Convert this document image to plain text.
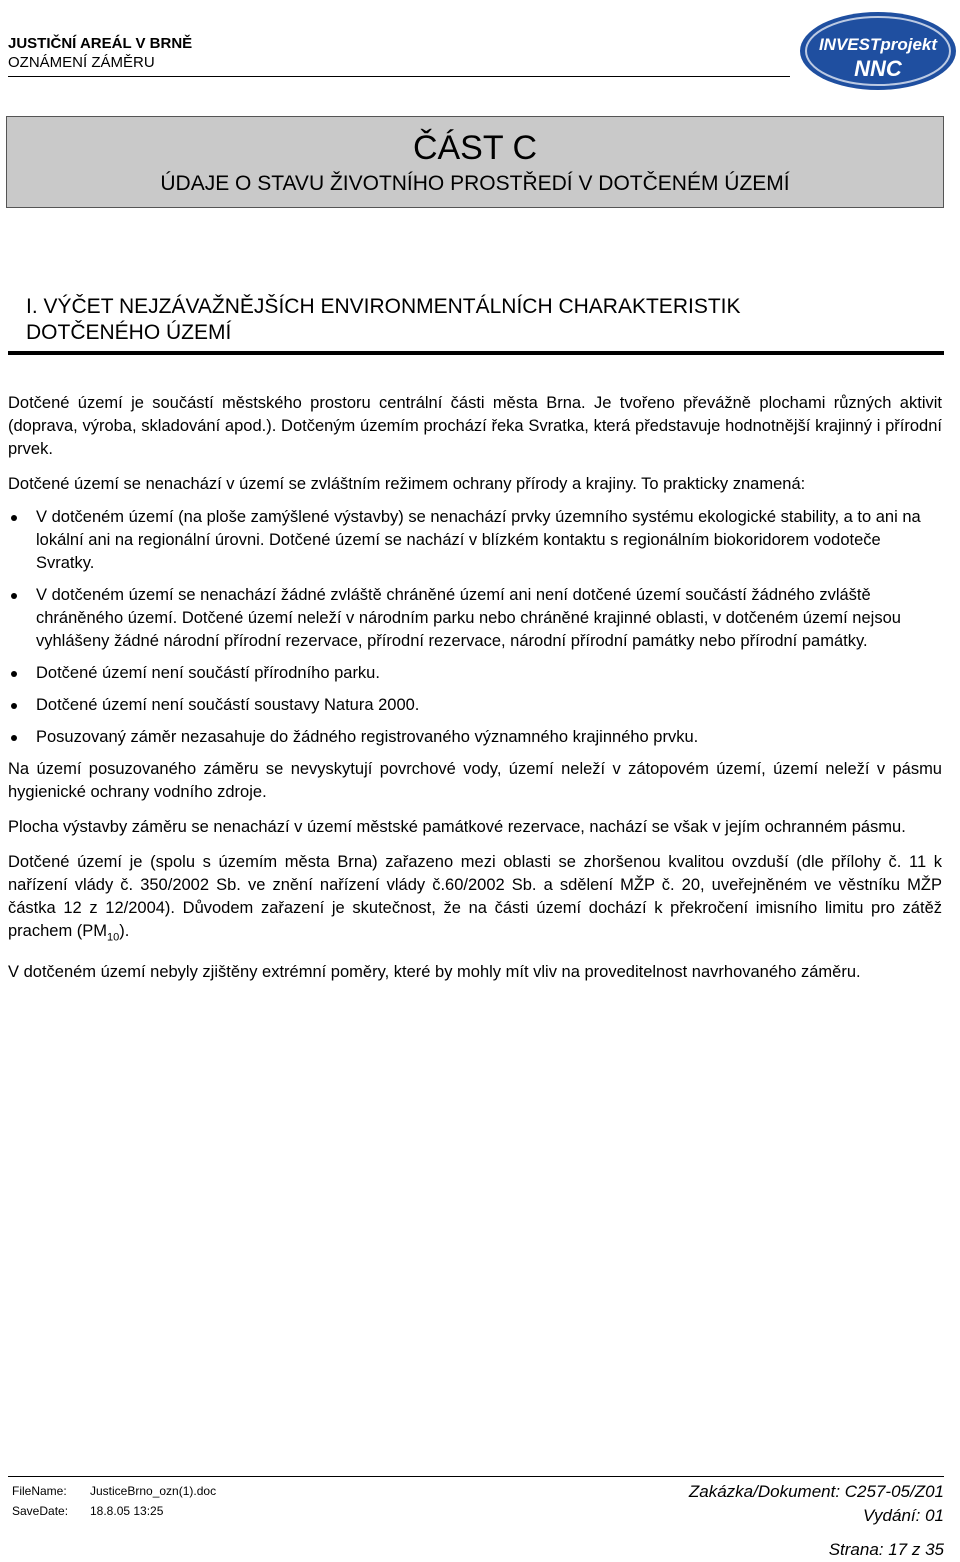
JUSTIČNÍ AREÁL V BRNĚ
OZNÁMENÍ ZÁMĚRU
INVESTprojekt
NNC
ČÁST C
ÚDAJE O STAVU ŽIVOTNÍHO PROSTŘEDÍ V DOTČENÉM ÚZEMÍ
I. VÝČET NEJZÁVAŽNĚJŠÍCH ENVIRONMENTÁLNÍCH CHARAKTERISTIK
DOTČENÉHO ÚZEMÍ

Dotčené území je součástí městského prostoru centrální části města Brna. Je tvořeno převážně plochami různých aktivit (doprava, výroba, skladování apod.). Dotčeným územím prochází řeka Svratka, která představuje hodnotnější krajinný i přírodní prvek.

Dotčené území se nenachází v území se zvláštním režimem ochrany přírody a krajiny. To prakticky znamená:

V dotčeném území (na ploše zamýšlené výstavby) se nenachází prvky územního systému ekologické stability, a to ani na lokální ani na regionální úrovni. Dotčené území se nachází v blízkém kontaktu s regionálním biokoridorem vodoteče Svratky.
V dotčeném území se nenachází žádné zvláště chráněné území ani není dotčené území součástí žádného zvláště chráněného území. Dotčené území neleží v národním parku nebo chráněné krajinné oblasti, v dotčeném území nejsou vyhlášeny žádné národní přírodní rezervace, přírodní rezervace, národní přírodní památky nebo přírodní památky.
Dotčené území není součástí přírodního parku.
Dotčené území není součástí soustavy Natura 2000.
Posuzovaný záměr nezasahuje do žádného registrovaného významného krajinného prvku.

Na území posuzovaného záměru se nevyskytují povrchové vody, území neleží v zátopovém území, území neleží v pásmu hygienické ochrany vodního zdroje.

Plocha výstavby záměru se nenachází v území městské památkové rezervace, nachází se však v jejím ochranném pásmu.

Dotčené území je (spolu s územím města Brna) zařazeno mezi oblasti se zhoršenou kvalitou ovzduší (dle přílohy č. 11 k nařízení vlády č. 350/2002 Sb. ve znění nařízení vlády č.60/2002 Sb. a sdělení MŽP č. 20, uveřejněném ve věstníku MŽP částka 12 z 12/2004). Důvodem zařazení je skutečnost, že na části území dochází k překročení imisního limitu pro zátěž prachem $(PM_{10})$.

V dotčeném území nebyly zjištěny extrémní poměry, které by mohly mít vliv na proveditelnost navrhovaného záměru.

FileName: JusticeBrno_ozn(1).doc
SaveDate: 18.8.05 13:25
Zakázka/Dokument: C257-05/Z01
Vydání: 01
Strana: 17 z 35
